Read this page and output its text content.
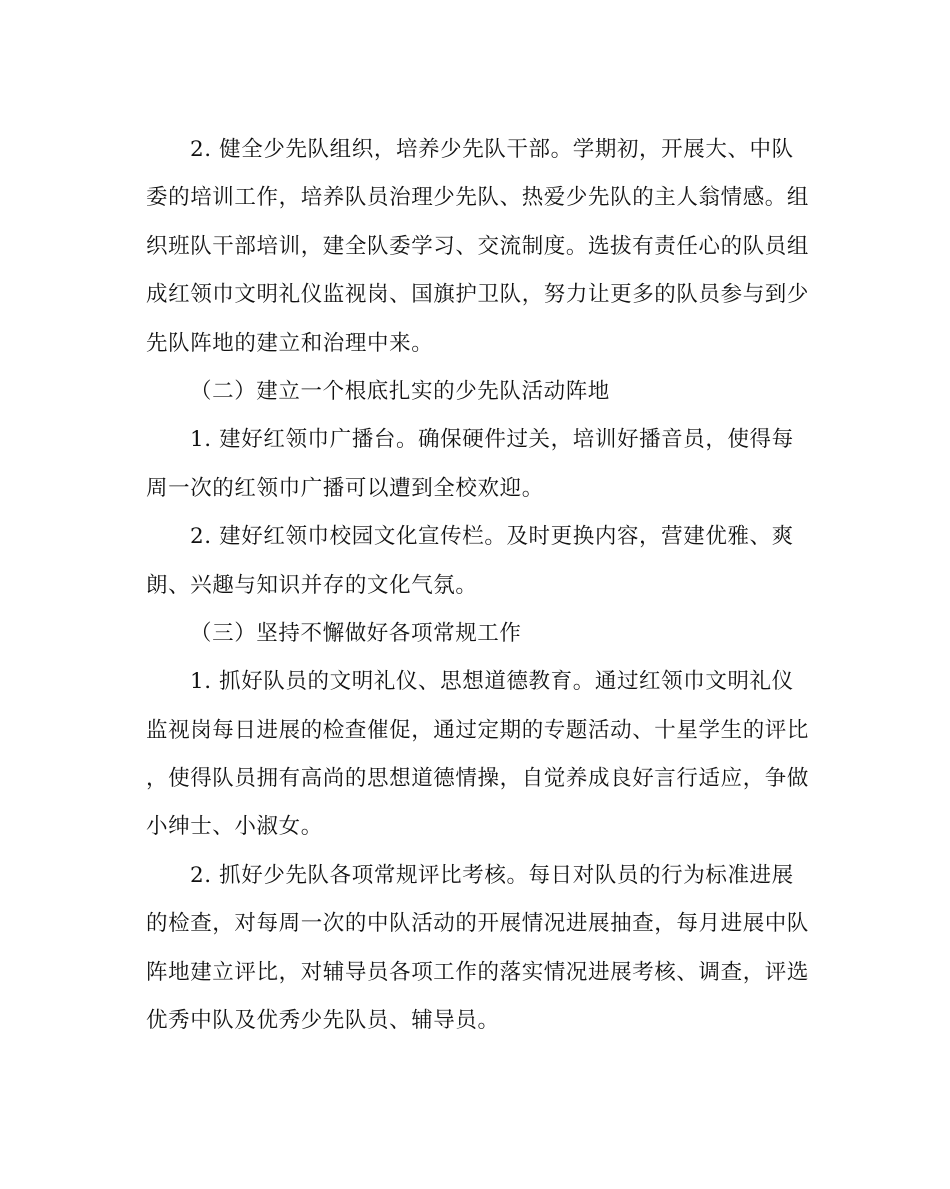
2. 健全少先队组织，培养少先队干部。学期初，开展大、中队
委的培训工作，培养队员治理少先队、热爱少先队的主人翁情感。组
织班队干部培训，建全队委学习、交流制度。选拔有责任心的队员组
成红领巾文明礼仪监视岗、国旗护卫队，努力让更多的队员参与到少
先队阵地的建立和治理中来。
（二）建立一个根底扎实的少先队活动阵地
1. 建好红领巾广播台。确保硬件过关，培训好播音员，使得每
周一次的红领巾广播可以遭到全校欢迎。
2. 建好红领巾校园文化宣传栏。及时更换内容，营建优雅、爽
朗、兴趣与知识并存的文化气氛。
（三）坚持不懈做好各项常规工作
1. 抓好队员的文明礼仪、思想道德教育。通过红领巾文明礼仪
监视岗每日进展的检查催促，通过定期的专题活动、十星学生的评比
，使得队员拥有高尚的思想道德情操，自觉养成良好言行适应，争做
小绅士、小淑女。
2. 抓好少先队各项常规评比考核。每日对队员的行为标准进展
的检查，对每周一次的中队活动的开展情况进展抽查，每月进展中队
阵地建立评比，对辅导员各项工作的落实情况进展考核、调查，评选
优秀中队及优秀少先队员、辅导员。
